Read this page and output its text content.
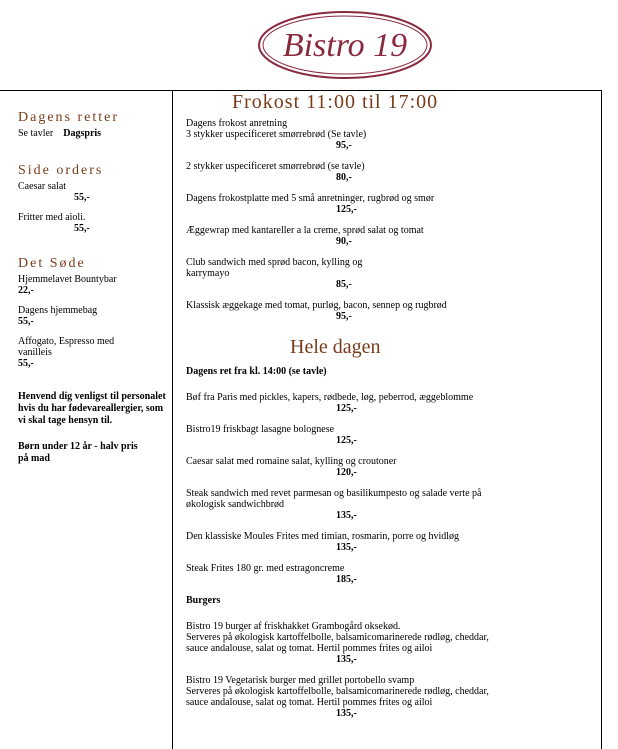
Bistro 19
Dagens retter
Se tavler Dagspris
Side orders
Caesar salat
55,-
Fritter med aioli.
55,-
Det Søde
Hjemmelavet Bountybar
22,-
Dagens hjemmebag
55,-
Affogato, Espresso med vanilleis
55,-

Henvend dig venligst til personalet hvis du har fødevareallergier, som vi skal tage hensyn til.

Børn under 12 år - halv pris på mad

Frokost 11:00 til 17:00
Dagens frokost anretning
3 stykker uspecificeret smørrebrød (Se tavle)
95,-
2 stykker uspecificeret smørrebrød (se tavle)
80,-
Dagens frokostplatte med 5 små anretninger, rugbrød og smør
125,-
Æggewrap med kantareller a la creme, sprød salat og tomat
90,-
Club sandwich med sprød bacon, kylling og
karrymayo
85,-
Klassisk æggekage med tomat, purløg, bacon, sennep og rugbrød
95,-
Hele dagen
Dagens ret fra kl. 14:00 (se tavle)
Bøf fra Paris med pickles, kapers, rødbede, løg, peberrod, æggeblomme
125,-
Bistro19 friskbagt lasagne bolognese
125,-
Caesar salat med romaine salat, kylling og croutoner
120,-
Steak sandwich med revet parmesan og basilikumpesto og salade verte på
økologisk sandwichbrød
135,-
Den klassiske Moules Frites med timian, rosmarin, porre og hvidløg
135,-
Steak Frites 180 gr. med estragoncreme
185,-
Burgers
Bistro 19 burger af friskhakket Grambogård oksekød.
Serveres på økologisk kartoffelbolle, balsamicomarinerede rødløg, cheddar,
sauce andalouse, salat og tomat. Hertil pommes frites og ailoi
135,-
Bistro 19 Vegetarisk burger med grillet portobello svamp
Serveres på økologisk kartoffelbolle, balsamicomarinerede rødløg, cheddar,
sauce andalouse, salat og tomat. Hertil pommes frites og ailoi
135,-
